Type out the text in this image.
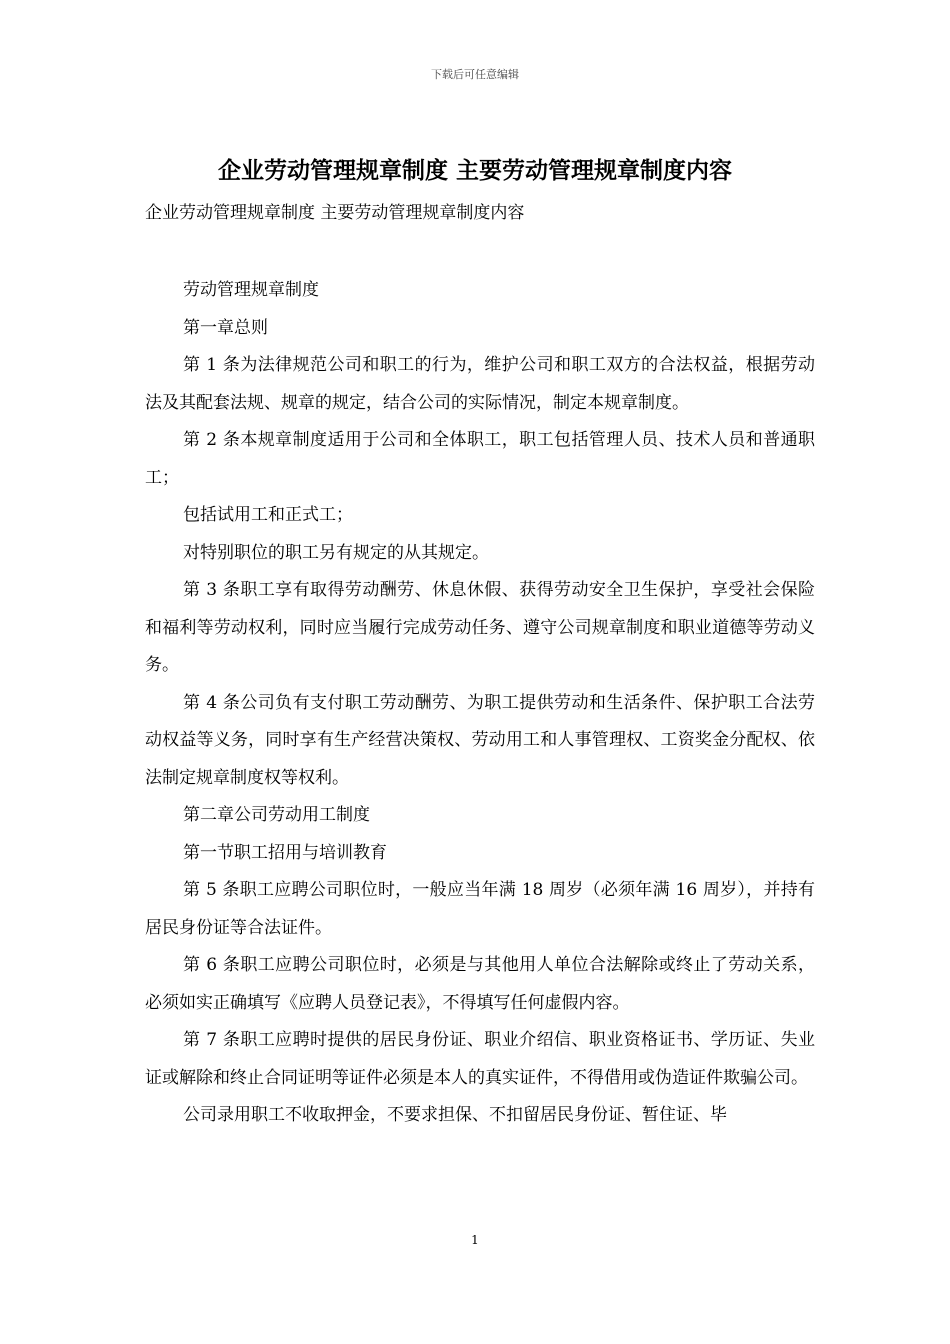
下载后可任意编辑
企业劳动管理规章制度 主要劳动管理规章制度内容

企业劳动管理规章制度 主要劳动管理规章制度内容

劳动管理规章制度

第一章总则

第 1 条为法律规范公司和职工的行为，维护公司和职工双方的合法权益，根据劳动法及其配套法规、规章的规定，结合公司的实际情况，制定本规章制度。

第 2 条本规章制度适用于公司和全体职工，职工包括管理人员、技术人员和普通职工；

包括试用工和正式工；

对特别职位的职工另有规定的从其规定。

第 3 条职工享有取得劳动酬劳、休息休假、获得劳动安全卫生保护，享受社会保险和福利等劳动权利，同时应当履行完成劳动任务、遵守公司规章制度和职业道德等劳动义务。

第 4 条公司负有支付职工劳动酬劳、为职工提供劳动和生活条件、保护职工合法劳动权益等义务，同时享有生产经营决策权、劳动用工和人事管理权、工资奖金分配权、依法制定规章制度权等权利。

第二章公司劳动用工制度

第一节职工招用与培训教育

第 5 条职工应聘公司职位时，一般应当年满 18 周岁（必须年满 16 周岁），并持有居民身份证等合法证件。

第 6 条职工应聘公司职位时，必须是与其他用人单位合法解除或终止了劳动关系，必须如实正确填写《应聘人员登记表》，不得填写任何虚假内容。

第 7 条职工应聘时提供的居民身份证、职业介绍信、职业资格证书、学历证、失业证或解除和终止合同证明等证件必须是本人的真实证件，不得借用或伪造证件欺骗公司。

公司录用职工不收取押金，不要求担保、不扣留居民身份证、暂住证、毕

1
